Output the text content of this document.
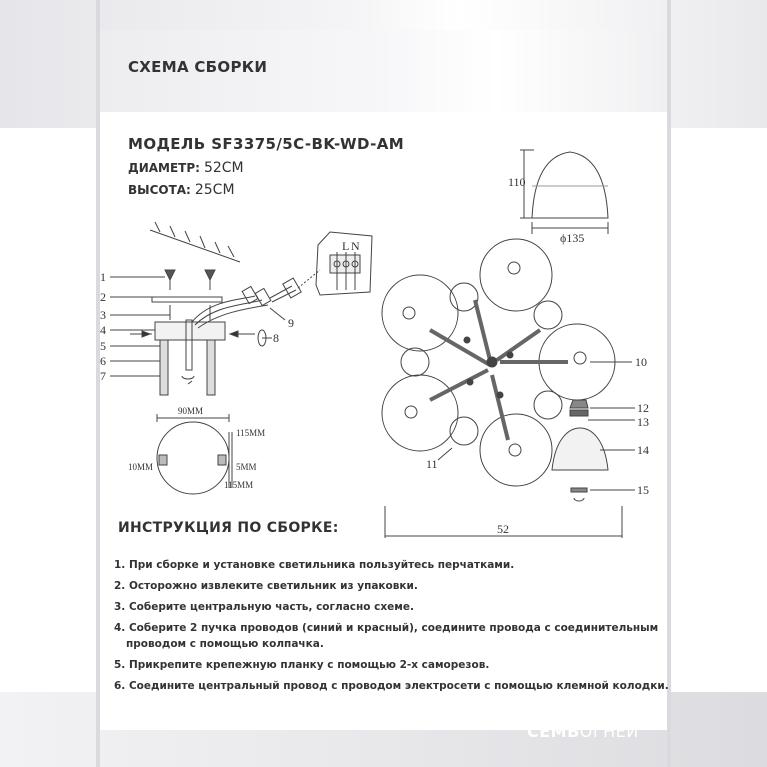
СХЕМА СБОРКИ
МОДЕЛЬ SF3375/5C-BK-WD-AM
ДИАМЕТР: 52СМ
ВЫСОТА: 25СМ	110
ϕ135
L N
1
2
3
4
5
6
7
8
9
10
11
12
13
14
15
90MM
115MM
10MM	5MM
115MM
52
ИНСТРУКЦИЯ ПО СБОРКЕ:
1. При сборке и установке светильника пользуйтесь перчатками.
2. Осторожно извлеките светильник из упаковки.
3. Соберите центральную часть, согласно схеме.
4. Соберите 2 пучка проводов (синий и красный), соедините провода с соединительным
проводом с помощью колпачка.
5. Прикрепите крепежную планку с помощью 2-х саморезов.
6. Соедините центральный провод с проводом электросети с помощью клемной колодки.
СЕМЬОГНЕЙ
